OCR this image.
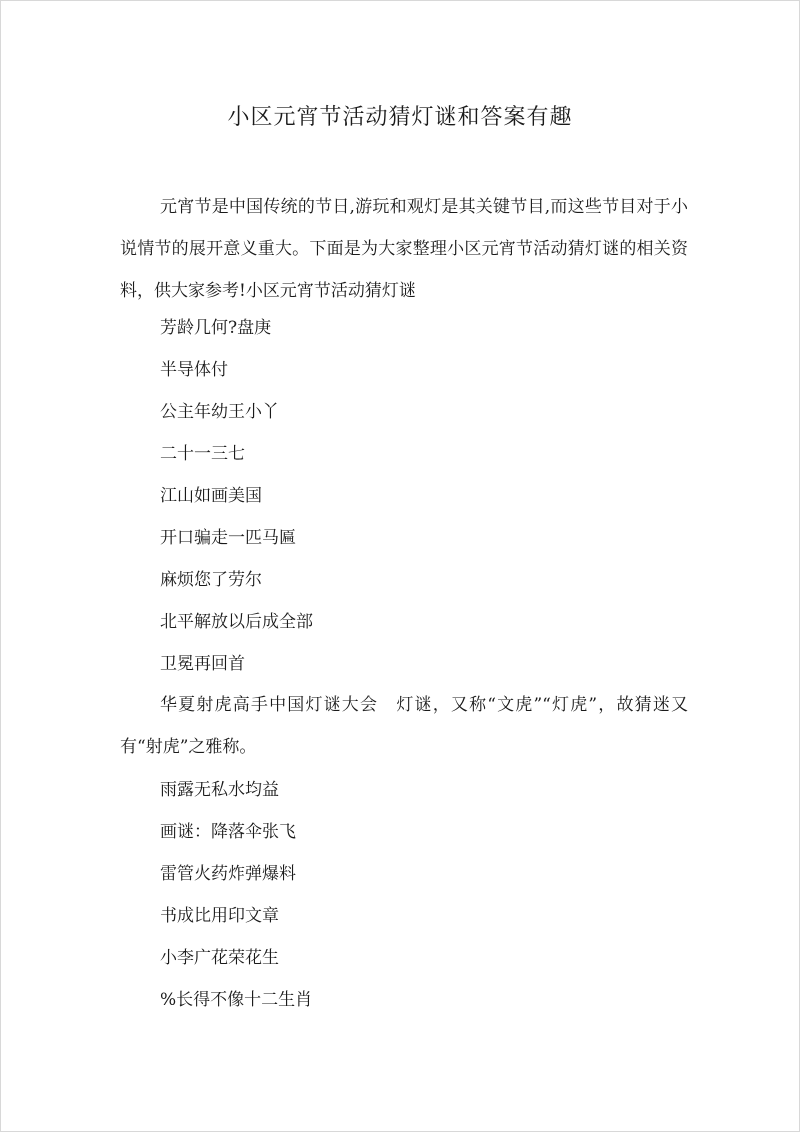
小区元宵节活动猜灯谜和答案有趣

元宵节是中国传统的节日,游玩和观灯是其关键节目,而这些节目对于小说情节的展开意义重大。下面是为大家整理小区元宵节活动猜灯谜的相关资料，供大家参考!小区元宵节活动猜灯谜

芳龄几何?盘庚

半导体付

公主年幼王小丫

二十一三七

江山如画美国

开口骗走一匹马匾

麻烦您了劳尔

北平解放以后成全部

卫冕再回首

华夏射虎高手中国灯谜大会　灯谜，又称“文虎”“灯虎”，故猜迷又有“射虎”之雅称。

雨露无私水均益

画谜：降落伞张飞

雷管火药炸弹爆料

书成比用印文章

小李广花荣花生

%长得不像十二生肖
